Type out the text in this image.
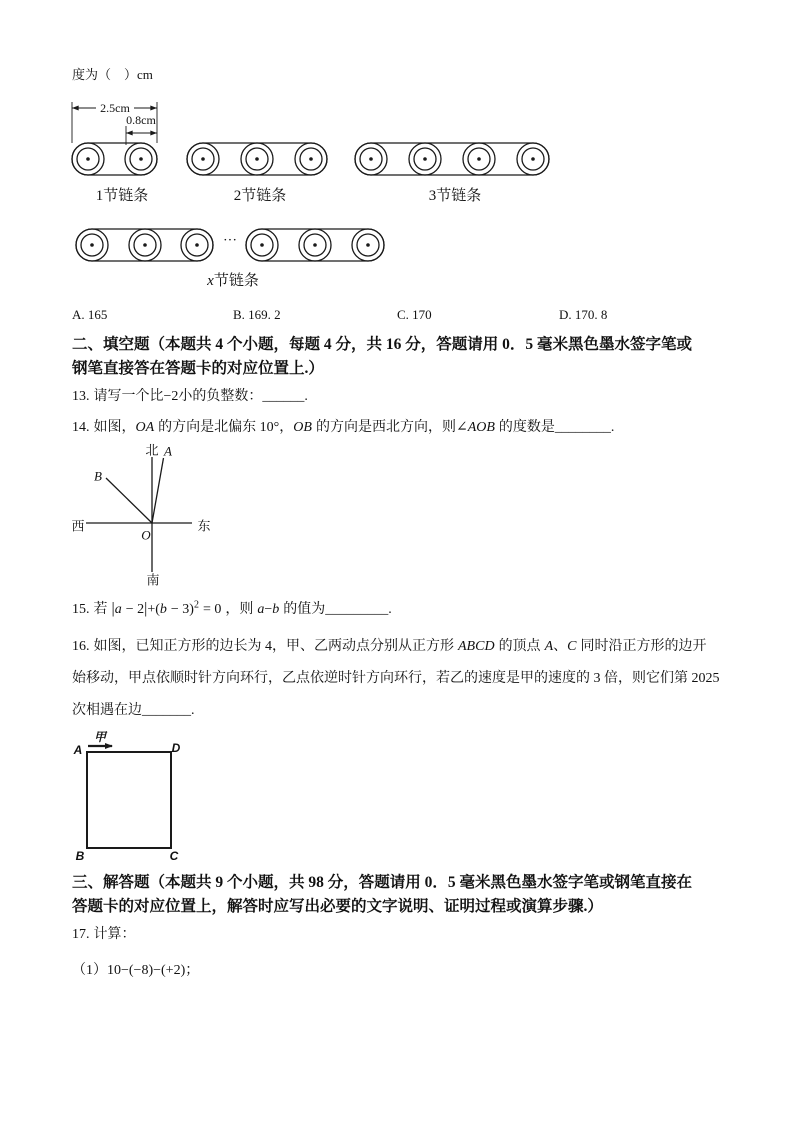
度为（　）cm
2.5cm
0.8cm
1节链条	2节链条	3节链条
···
x节链条
A. 165	B. 169. 2	C. 170	D. 170. 8
二、填空题（本题共 4 个小题，每题 4 分，共 16 分，答题请用 0．5 毫米黑色墨水签字笔或
钢笔直接答在答题卡的对应位置上.）
13. 请写一个比−2小的负整数：______.
14. 如图，OA 的方向是北偏东 10°，OB 的方向是西北方向，则∠AOB 的度数是________.
北 A
B
西	东
O
南
15. 若 $|a - 2|+(b - 3)^2 = 0$ ，则 a−b 的值为_________.
16. 如图，已知正方形的边长为 4，甲、乙两动点分别从正方形 ABCD 的顶点 A、C 同时沿正方形的边开
始移动，甲点依顺时针方向环行，乙点依逆时针方向环行，若乙的速度是甲的速度的 3 倍，则它们第 2025
次相遇在边_______.
甲
A	D
B	C
三、解答题（本题共 9 个小题，共 98 分，答题请用 0．5 毫米黑色墨水签字笔或钢笔直接在
答题卡的对应位置上，解答时应写出必要的文字说明、证明过程或演算步骤.）
17. 计算：
（1）10−(−8)−(+2)；
